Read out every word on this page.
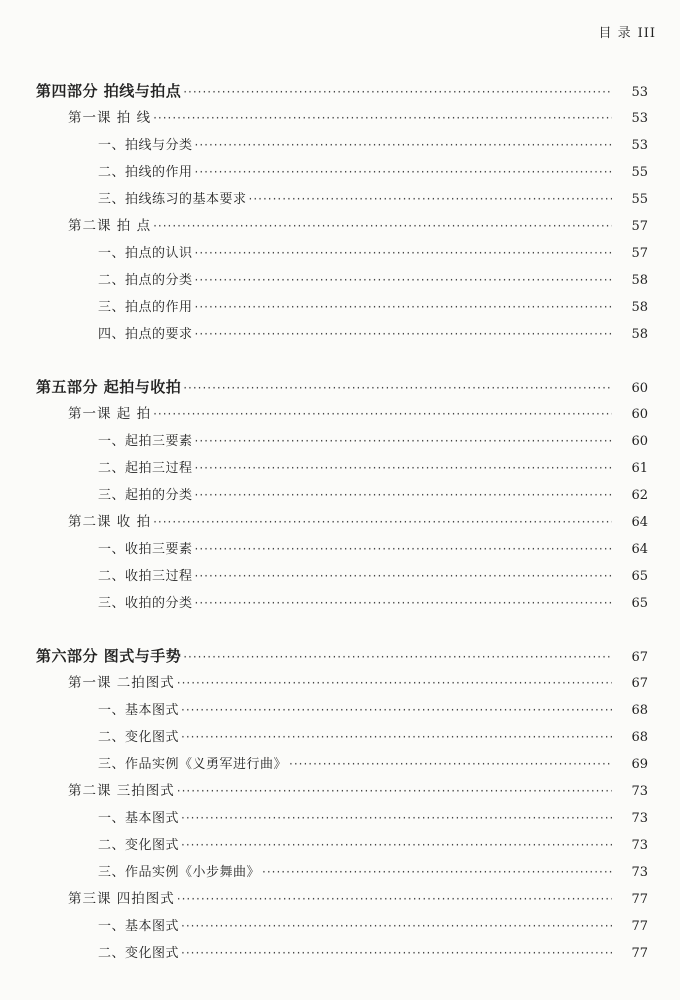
目 录 III
第四部分 拍线与拍点 ·····	53
第一课 拍 线 ·····	53
一、拍线与分类 ·····	53
二、拍线的作用 ·····	55
三、拍线练习的基本要求 ·····	55
第二课 拍 点 ·····	57
一、拍点的认识 ·····	57
二、拍点的分类 ·····	58
三、拍点的作用 ·····	58
四、拍点的要求 ·····	58
第五部分 起拍与收拍 ·····	60
第一课 起 拍 ·····	60
一、起拍三要素 ·····	60
二、起拍三过程 ·····	61
三、起拍的分类 ·····	62
第二课 收 拍 ·····	64
一、收拍三要素 ·····	64
二、收拍三过程 ·····	65
三、收拍的分类 ·····	65
第六部分 图式与手势 ·····	67
第一课 二拍图式 ·····	67
一、基本图式 ·····	68
二、变化图式 ·····	68
三、作品实例《义勇军进行曲》 ·····	69
第二课 三拍图式 ·····	73
一、基本图式 ·····	73
二、变化图式 ·····	73
三、作品实例《小步舞曲》 ·····	73
第三课 四拍图式 ·····	77
一、基本图式 ·····	77
二、变化图式 ·····	77
